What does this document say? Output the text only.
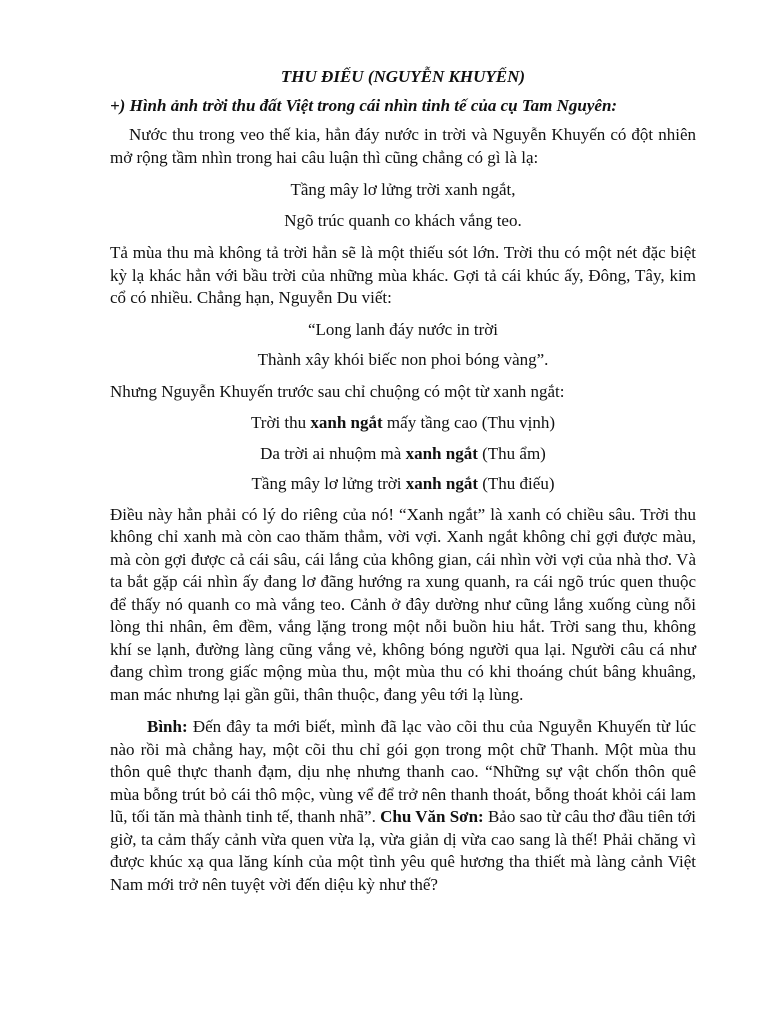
THU ĐIẾU (NGUYỄN KHUYẾN)

+) Hình ảnh trời thu đất Việt trong cái nhìn tinh tế của cụ Tam Nguyên:

Nước thu trong veo thế kia, hẳn đáy nước in trời và Nguyễn Khuyến có đột nhiên mở rộng tầm nhìn trong hai câu luận thì cũng chẳng có gì là lạ:

Tầng mây lơ lửng trời xanh ngắt,

Ngõ trúc quanh co khách vắng teo.

Tả mùa thu mà không tả trời hẳn sẽ là một thiếu sót lớn. Trời thu có một nét đặc biệt kỳ lạ khác hẳn với bầu trời của những mùa khác. Gợi tả cái khúc ấy, Đông, Tây, kim cổ có nhiều. Chẳng hạn, Nguyễn Du viết:

“Long lanh đáy nước in trời

Thành xây khói biếc non phoi bóng vàng”.

Nhưng Nguyễn Khuyến trước sau chỉ chuộng có một từ xanh ngắt:

Trời thu xanh ngắt mấy tầng cao (Thu vịnh)

Da trời ai nhuộm mà xanh ngắt (Thu ẩm)

Tầng mây lơ lửng trời xanh ngắt (Thu điếu)

Điều này hẳn phải có lý do riêng của nó! “Xanh ngắt” là xanh có chiều sâu. Trời thu không chỉ xanh mà còn cao thăm thẳm, vời vợi. Xanh ngắt không chỉ gợi được màu, mà còn gợi được cả cái sâu, cái lắng của không gian, cái nhìn vời vợi của nhà thơ. Và ta bắt gặp cái nhìn ấy đang lơ đãng hướng ra xung quanh, ra cái ngõ trúc quen thuộc để thấy nó quanh co mà vắng teo. Cảnh ở đây dường như cũng lắng xuống cùng nỗi lòng thi nhân, êm đềm, vắng lặng trong một nỗi buồn hiu hắt. Trời sang thu, không khí se lạnh, đường làng cũng vắng vẻ, không bóng người qua lại. Người câu cá như đang chìm trong giấc mộng mùa thu, một mùa thu có khi thoáng chút bâng khuâng, man mác nhưng lại gần gũi, thân thuộc, đang yêu tới lạ lùng.

Bình: Đến đây ta mới biết, mình đã lạc vào cõi thu của Nguyễn Khuyến từ lúc nào rồi mà chẳng hay, một cõi thu chỉ gói gọn trong một chữ Thanh. Một mùa thu thôn quê thực thanh đạm, dịu nhẹ nhưng thanh cao. “Những sự vật chốn thôn quê mùa bỗng trút bỏ cái thô mộc, vùng vể để trở nên thanh thoát, bỗng thoát khỏi cái lam lũ, tối tăn mà thành tinh tế, thanh nhã”. Chu Văn Sơn: Bảo sao từ câu thơ đầu tiên tới giờ, ta cảm thấy cảnh vừa quen vừa lạ, vừa giản dị vừa cao sang là thế! Phải chăng vì được khúc xạ qua lăng kính của một tình yêu quê hương tha thiết mà làng cảnh Việt Nam mới trở nên tuyệt vời đến diệu kỳ như thế?
